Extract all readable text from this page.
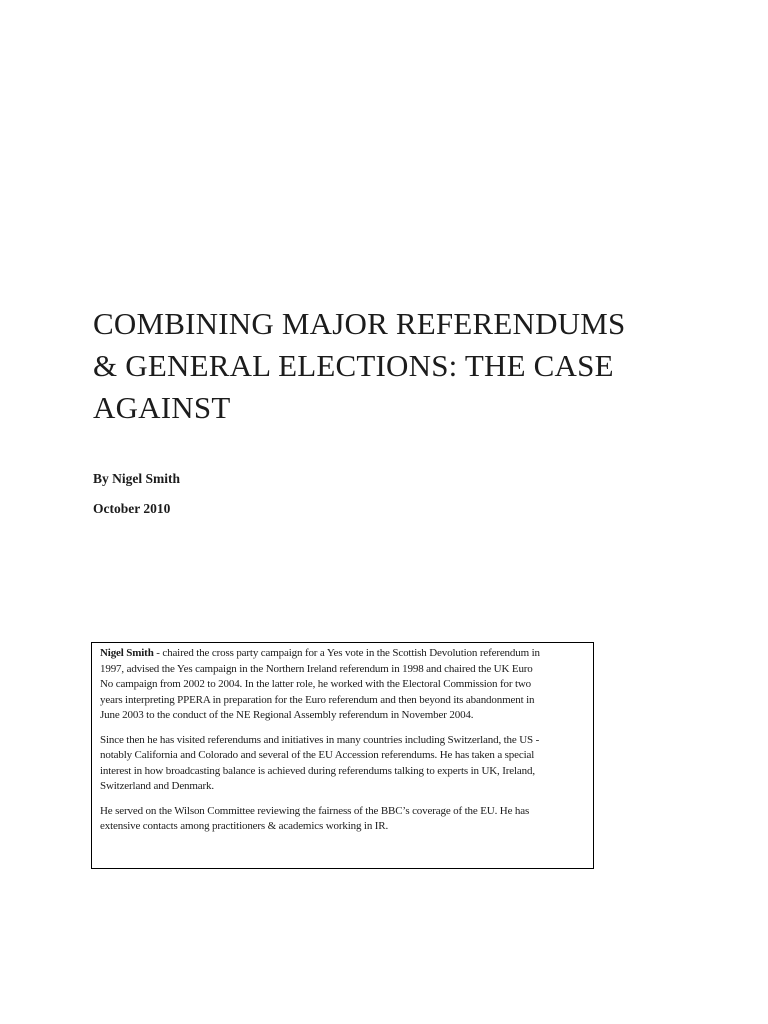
COMBINING MAJOR REFERENDUMS
& GENERAL ELECTIONS: THE CASE
AGAINST

By Nigel Smith

October 2010

Nigel Smith - chaired the cross party campaign for a Yes vote in the Scottish Devolution referendum in
1997, advised the Yes campaign in the Northern Ireland referendum in 1998 and chaired the UK Euro
No campaign from 2002 to 2004. In the latter role, he worked with the Electoral Commission for two
years interpreting PPERA in preparation for the Euro referendum and then beyond its abandonment in
June 2003 to the conduct of the NE Regional Assembly referendum in November 2004.

Since then he has visited referendums and initiatives in many countries including Switzerland, the US -
notably California and Colorado and several of the EU Accession referendums. He has taken a special
interest in how broadcasting balance is achieved during referendums talking to experts in UK, Ireland,
Switzerland and Denmark.

He served on the Wilson Committee reviewing the fairness of the BBC’s coverage of the EU. He has
extensive contacts among practitioners & academics working in IR.
